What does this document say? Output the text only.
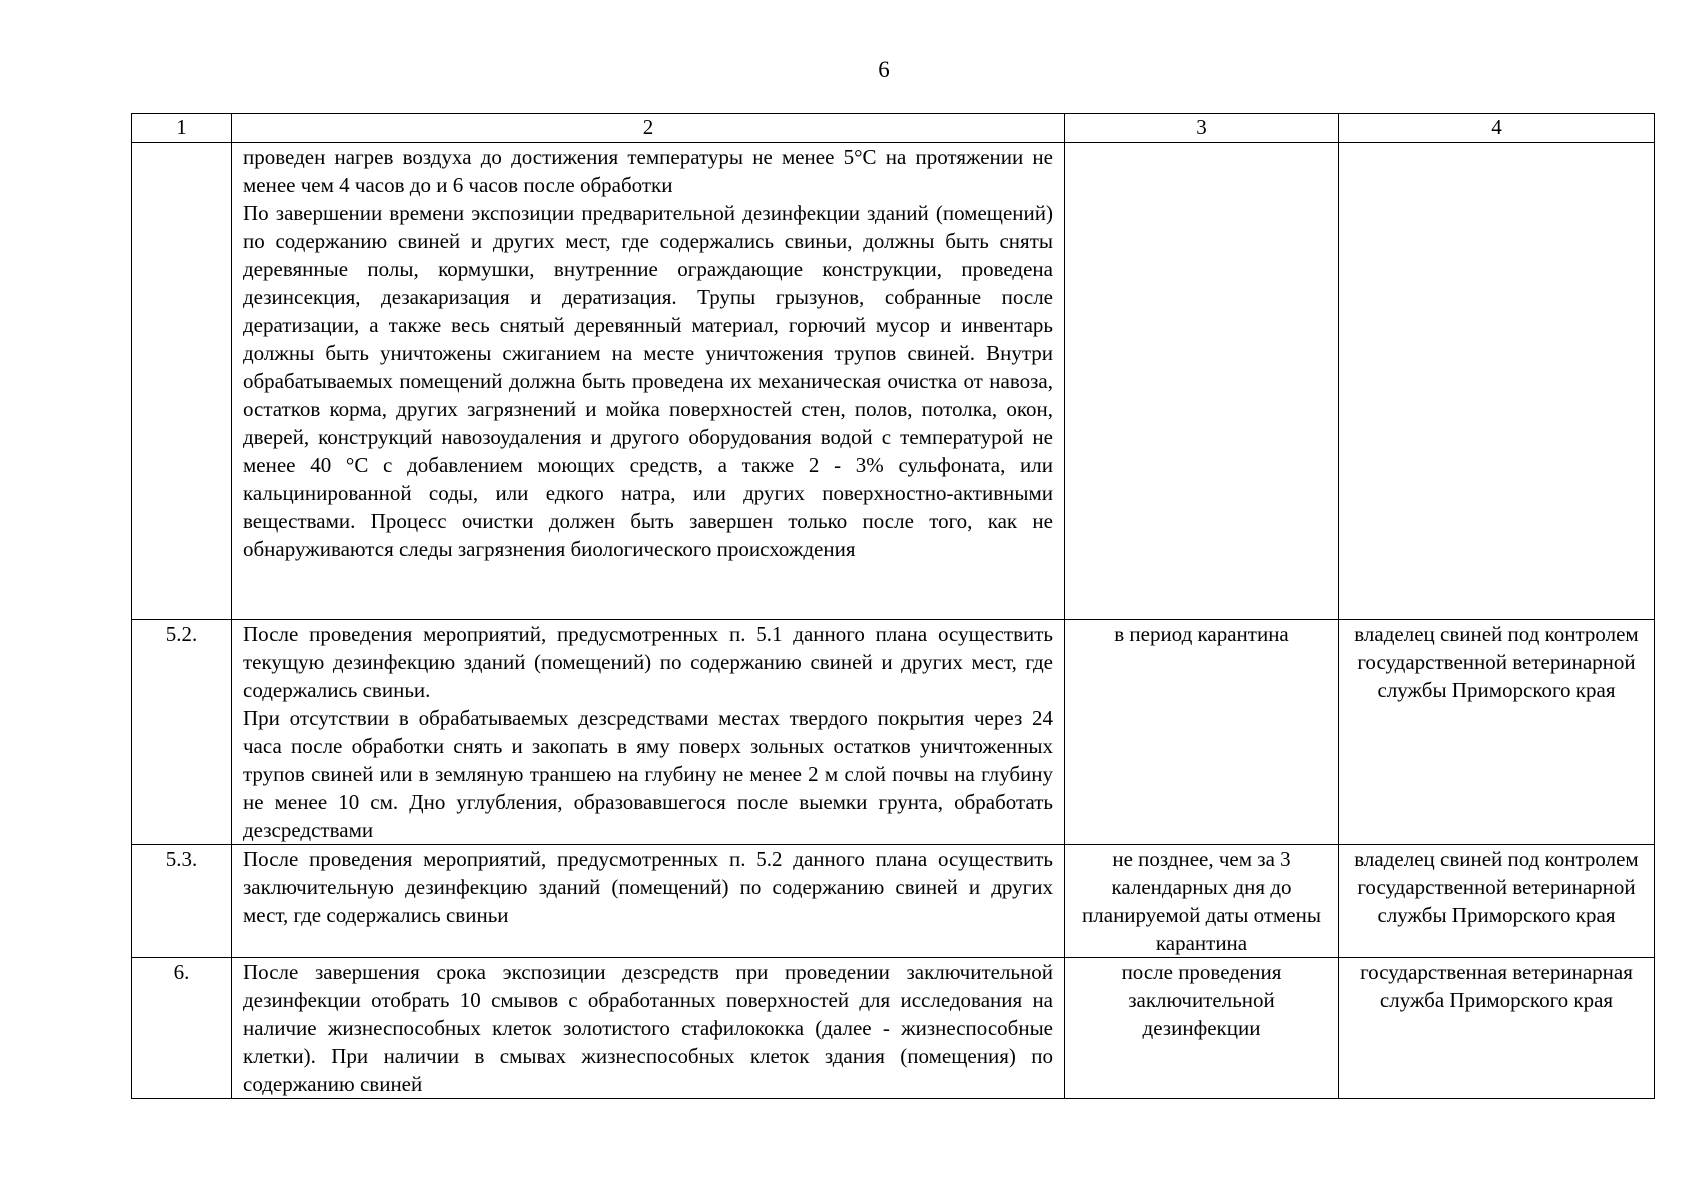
6
1	2	3	4

	проведен нагрев воздуха до достижения температуры не менее 5°С на протяжении не менее чем 4 часов до и 6 часов после обработки

По завершении времени экспозиции предварительной дезинфекции зданий (помещений) по содержанию свиней и других мест, где содержались свиньи, должны быть сняты деревянные полы, кормушки, внутренние ограждающие конструкции, проведена дезинсекция, дезакаризация и дератизация. Трупы грызунов, собранные после дератизации, а также весь снятый деревянный материал, горючий мусор и инвентарь должны быть уничтожены сжиганием на месте уничтожения трупов свиней. Внутри обрабатываемых помещений должна быть проведена их механическая очистка от навоза, остатков корма, других загрязнений и мойка поверхностей стен, полов, потолка, окон, дверей, конструкций навозоудаления и другого оборудования водой с температурой не менее 40 °С с добавлением моющих средств, а также 2 - 3% сульфоната, или кальцинированной соды, или едкого натра, или других поверхностно-активными веществами. Процесс очистки должен быть завершен только после того, как не обнаруживаются следы загрязнения биологического происхождения		

5.2.	После проведения мероприятий, предусмотренных п. 5.1 данного плана осуществить текущую дезинфекцию зданий (помещений) по содержанию свиней и других мест, где содержались свиньи.

При отсутствии в обрабатываемых дезсредствами местах твердого покрытия через 24 часа после обработки снять и закопать в яму поверх зольных остатков уничтоженных трупов свиней или в земляную траншею на глубину не менее 2 м слой почвы на глубину не менее 10 см. Дно углубления, образовавшегося после выемки грунта, обработать дезсредствами	в период карантина	владелец свиней под контролем государственной ветеринарной службы Приморского края
5.3.	После проведения мероприятий, предусмотренных п. 5.2 данного плана осуществить заключительную дезинфекцию зданий (помещений) по содержанию свиней и других мест, где содержались свиньи	не позднее, чем за 3 календарных дня до планируемой даты отмены карантина	владелец свиней под контролем государственной ветеринарной службы Приморского края
6.	После завершения срока экспозиции дезсредств при проведении заключительной дезинфекции отобрать 10 смывов с обработанных поверхностей для исследования на наличие жизнеспособных клеток золотистого стафилококка (далее - жизнеспособные клетки). При наличии в смывах жизнеспособных клеток здания (помещения) по содержанию свиней	после проведения заключительной дезинфекции	государственная ветеринарная служба Приморского края
